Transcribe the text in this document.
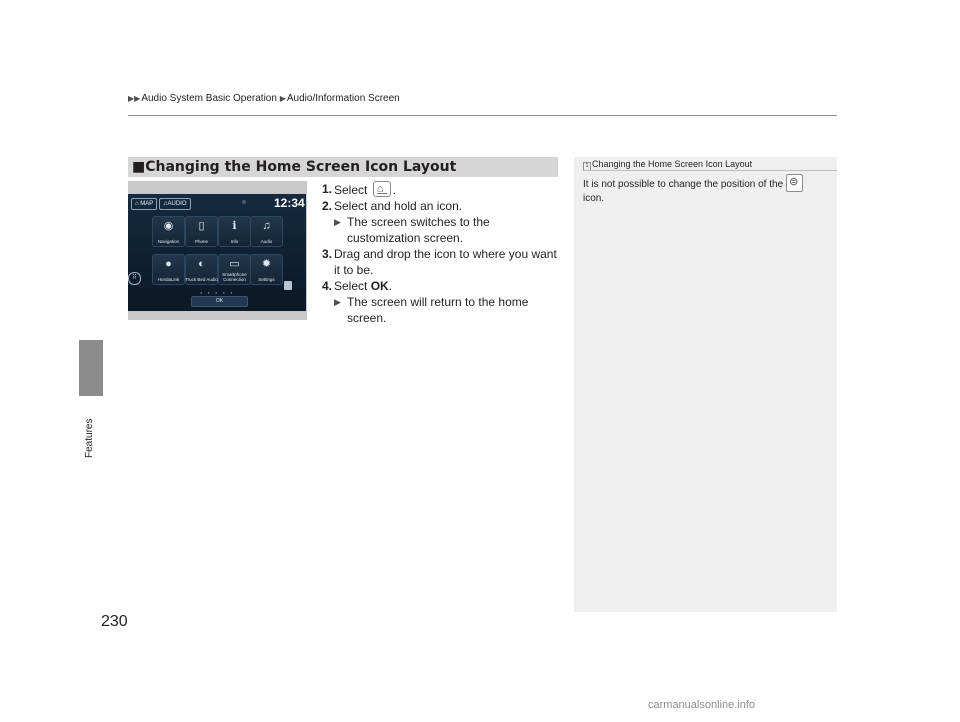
▶▶Audio System Basic Operation ▶Audio/Information Screen
Features
230
■Changing the Home Screen Icon Layout
⌂ MAP	♫AUDIO	12:34
◉
Navigation
▯
Phone
ℹ
Info
♫
Audio
●
HondaLink
◐
Truck Bed Audio
▭
Smartphone Connection
✹
Settings
⠿
● ● ● ● ●
OK
1. Select ⌂ .
2. Select and hold an icon.
▶ The screen switches to the customization screen.
3. Drag and drop the icon to where you want it to be.
4. Select OK.
▶ The screen will return to the home screen.
1 Changing the Home Screen Icon Layout
It is not possible to change the position of the⊜
icon.
carmanualsonline.info
